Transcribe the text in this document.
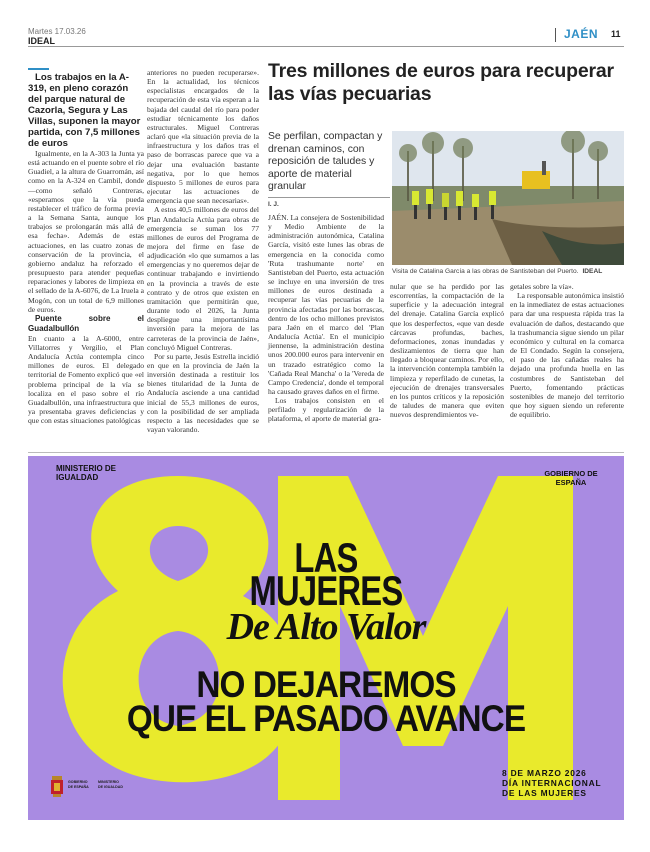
Martes 17.03.26
IDEAL	JAÉN 11

Los trabajos en la A-319, en pleno corazón del parque natural de Cazorla, Segura y Las Villas, suponen la mayor partida, con 7,5 millones de euros

Igualmente, en la A-303 la Junta ya está actuando en el puente sobre el río Guadiel, a la altura de Guarromán, así como en la A-324 en Cambil, donde —como señaló Contreras, «esperamos que la vía pueda restablecer el tráfico de forma previa a la Semana Santa, aunque los trabajos se prolongarán más allá de esa fecha». Además de estas actuaciones, en las cuatro zonas de conservación de la provincia, el gobierno andaluz ha reforzado el presupuesto para atender pequeñas reparaciones y labores de limpieza en el sellado de la A-6076, de La Iruela a Mogón, con un total de 6,9 millones de euros.

Puente sobre el Guadalbullón

En cuanto a la A-6000, entre Villatorres y Vergilio, el Plan Andalucía Actúa contempla cinco millones de euros. El delegado territorial de Fomento explicó que «el problema principal de la vía se localiza en el paso sobre el río Guadalbullón, una infraestructura que ya presentaba graves deficiencias y que con estas situaciones patológicas

anteriores no pueden recuperarse». En la actualidad, los técnicos especialistas encargados de la recuperación de esta vía esperan a la bajada del caudal del río para poder estudiar técnicamente los daños estructurales. Miguel Contreras aclaró que «la situación previa de la infraestructura y los daños tras el paso de borrascas parece que va a dejar una evaluación bastante negativa, por lo que hemos dispuesto 5 millones de euros para ejecutar las actuaciones de emergencia que sean necesarias».

A estos 40,5 millones de euros del Plan Andalucía Actúa para obras de emergencia se suman los 77 millones de euros del Programa de mejora del firme en fase de adjudicación «lo que sumamos a las emergencias y no queremos dejar de continuar trabajando e invirtiendo en la provincia a través de este contrato y de otros que existen en tramitación que permitirán que, durante todo el 2026, la Junta despliegue una importantísima inversión para la mejora de las carreteras de la provincia de Jaén», concluyó Miguel Contreras.

Por su parte, Jesús Estrella incidió en que en la provincia de Jaén la inversión destinada a restituir los bienes titularidad de la Junta de Andalucía asciende a una cantidad inicial de 55,3 millones de euros, con la posibilidad de ser ampliada respecto a las necesidades que se vayan valorando.

Tres millones de euros para recuperar las vías pecuarias
Se perfilan, compactan y drenan caminos, con reposición de taludes y aporte de material granular
I. J.
Visita de Catalina García a las obras de Santisteban del Puerto. IDEAL

JAÉN. La consejera de Sostenibilidad y Medio Ambiente de la administración autonómica, Catalina García, visitó este lunes las obras de emergencia en la conocida como 'Ruta trashumante norte' en Santisteban del Puerto, esta actuación se incluye en una inversión de tres millones de euros destinada a recuperar las vías pecuarias de la provincia afectadas por las borrascas, dentro de los ocho millones previstos para Jaén en el marco del 'Plan Andalucía Actúa'. En el municipio jiennense, la administración destina unos 200.000 euros para intervenir en un trazado estratégico como la 'Cañada Real Mancha' o la 'Vereda de Campo Credencia', donde el temporal ha causado graves daños en el firme.

Los trabajos consisten en el perfilado y regularización de la plataforma, el aporte de material gra-

nular que se ha perdido por las escorrentías, la compactación de la superficie y la adecuación integral del drenaje. Catalina García explicó que los desperfectos, «que van desde cárcavas profundas, baches, deformaciones, zonas inundadas y deslizamientos de tierra que han llegado a bloquear caminos. Por ello, la intervención contempla también la limpieza y reperfilado de cunetas, la ejecución de drenajes transversales en los puntos críticos y la reposición de taludes de manera que eviten nuevos desprendimientos ve-

getales sobre la vía».

La responsable autonómica insistió en la inmediatez de estas actuaciones para dar una respuesta rápida tras la evaluación de daños, destacando que la trashumancia sigue siendo un pilar económico y cultural en la comarca de El Condado. Según la consejera, el paso de las cañadas reales ha dejado una profunda huella en las costumbres de Santisteban del Puerto, fomentando prácticas sostenibles de manejo del territorio que hoy siguen siendo un referente de equilibrio.

MINISTERIO DE IGUALDAD	GOBIERNO DE ESPAÑA
LAS
MUJERES
De Alto Valor
NO DEJAREMOS
QUE EL PASADO AVANCE
8 DE MARZO 2026
DÍA INTERNACIONAL
DE LAS MUJERES
GOBIERNO DE ESPAÑA
MINISTERIO DE IGUALDAD
